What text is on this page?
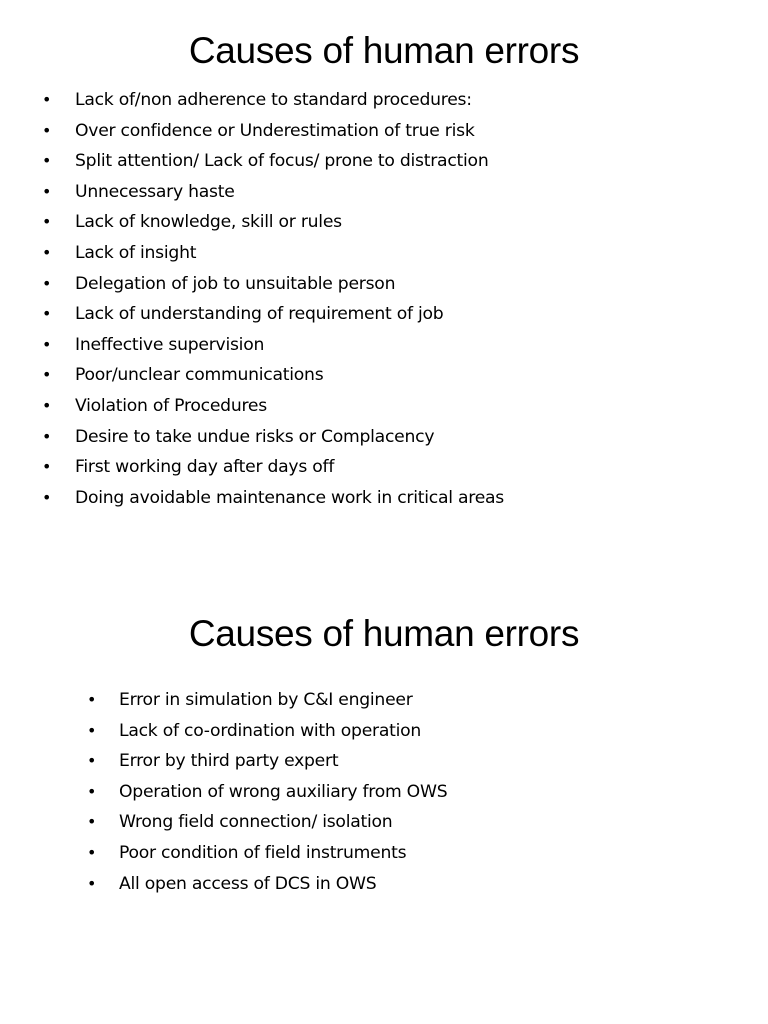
Causes of human errors
• Lack of/non adherence to standard procedures:
• Over confidence or Underestimation of true risk
• Split attention/ Lack of focus/ prone to distraction
• Unnecessary haste
• Lack of knowledge, skill or rules
• Lack of insight
• Delegation of job to unsuitable person
• Lack of understanding of requirement of job
• Ineffective supervision
• Poor/unclear communications
• Violation of Procedures
• Desire to take undue risks or Complacency
• First working day after days off
• Doing avoidable maintenance work in critical areas
Causes of human errors
• Error in simulation by C&I engineer
• Lack of co-ordination with operation
• Error by third party expert
• Operation of wrong auxiliary from OWS
• Wrong field connection/ isolation
• Poor condition of field instruments
• All open access of DCS in OWS
